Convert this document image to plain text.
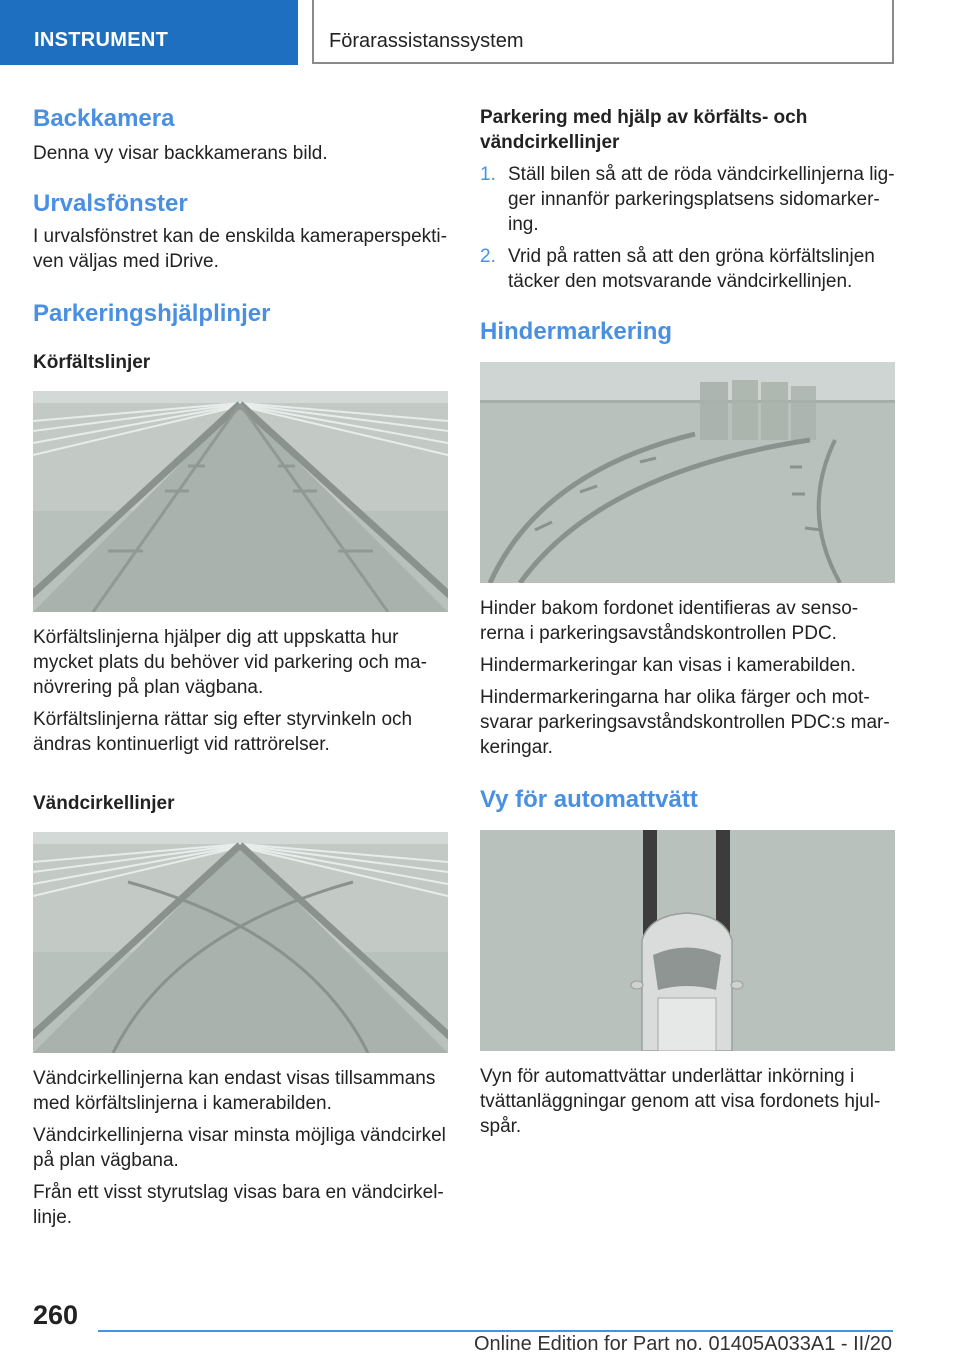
INSTRUMENT	Förarassistanssystem
Backkamera

Denna vy visar backkamerans bild.

Urvalsfönster

I urvalsfönstret kan de enskilda kameraperspekti-ven väljas med iDrive.

Parkeringshjälplinjer
Körfältslinjer

Körfältslinjerna hjälper dig att uppskatta hur mycket plats du behöver vid parkering och ma-növrering på plan vägbana.

Körfältslinjerna rättar sig efter styrvinkeln och ändras kontinuerligt vid rattrörelser.

Vändcirkellinjer

Vändcirkellinjerna kan endast visas tillsammans med körfältslinjerna i kamerabilden.

Vändcirkellinjerna visar minsta möjliga vändcirkel på plan vägbana.

Från ett visst styrutslag visas bara en vändcirkel-linje.

Parkering med hjälp av körfälts- och vändcirkellinjer
1. Ställ bilen så att de röda vändcirkellinjerna lig-ger innanför parkeringsplatsens sidomarker-ing.
2. Vrid på ratten så att den gröna körfältslinjen täcker den motsvarande vändcirkellinjen.
Hindermarkering

Hinder bakom fordonet identifieras av senso-rerna i parkeringsavståndskontrollen PDC.

Hindermarkeringar kan visas i kamerabilden.

Hindermarkeringarna har olika färger och mot-svarar parkeringsavståndskontrollen PDC:s mar-keringar.

Vy för automattvätt

Vyn för automattvättar underlättar inkörning i tvättanläggningar genom att visa fordonets hjul-spår.

260
Online Edition for Part no. 01405A033A1 - II/20
